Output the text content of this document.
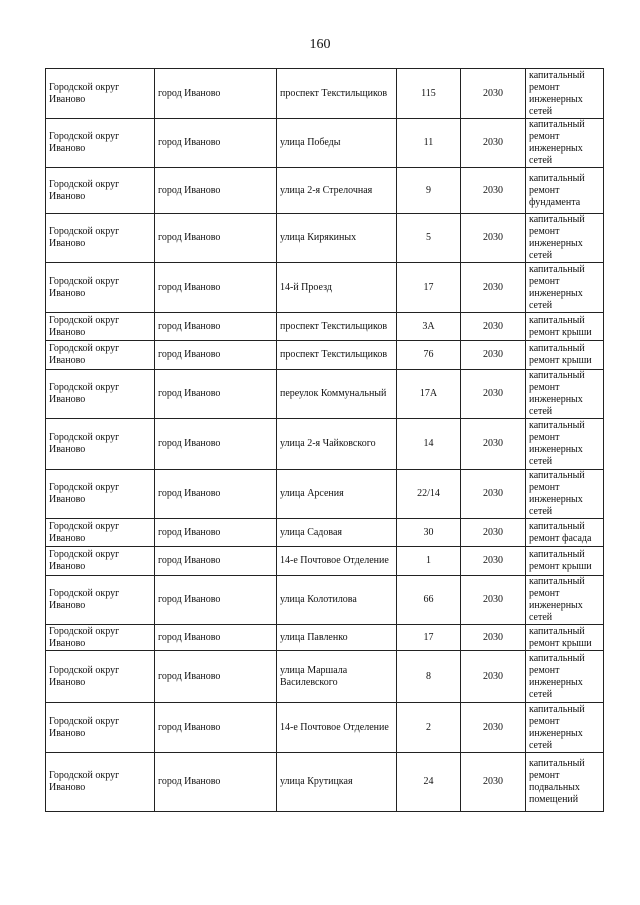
160
Городской округ Иваново	город Иваново	проспект Текстильщиков	115	2030	капитальный ремонт инженерных сетей
Городской округ Иваново	город Иваново	улица Победы	11	2030	капитальный ремонт инженерных сетей
Городской округ Иваново	город Иваново	улица 2-я Стрелочная	9	2030	капитальный ремонт фундамента
Городской округ Иваново	город Иваново	улица Кирякиных	5	2030	капитальный ремонт инженерных сетей
Городской округ Иваново	город Иваново	14-й Проезд	17	2030	капитальный ремонт инженерных сетей
Городской округ Иваново	город Иваново	проспект Текстильщиков	3А	2030	капитальный ремонт крыши
Городской округ Иваново	город Иваново	проспект Текстильщиков	76	2030	капитальный ремонт крыши
Городской округ Иваново	город Иваново	переулок Коммунальный	17А	2030	капитальный ремонт инженерных сетей
Городской округ Иваново	город Иваново	улица 2-я Чайковского	14	2030	капитальный ремонт инженерных сетей
Городской округ Иваново	город Иваново	улица Арсения	22/14	2030	капитальный ремонт инженерных сетей
Городской округ Иваново	город Иваново	улица Садовая	30	2030	капитальный ремонт фасада
Городской округ Иваново	город Иваново	14-е Почтовое Отделение	1	2030	капитальный ремонт крыши
Городской округ Иваново	город Иваново	улица Колотилова	66	2030	капитальный ремонт инженерных сетей
Городской округ Иваново	город Иваново	улица Павленко	17	2030	капитальный ремонт крыши
Городской округ Иваново	город Иваново	улица Маршала Василевского	8	2030	капитальный ремонт инженерных сетей
Городской округ Иваново	город Иваново	14-е Почтовое Отделение	2	2030	капитальный ремонт инженерных сетей
Городской округ Иваново	город Иваново	улица Крутицкая	24	2030	капитальный ремонт подвальных помещений
